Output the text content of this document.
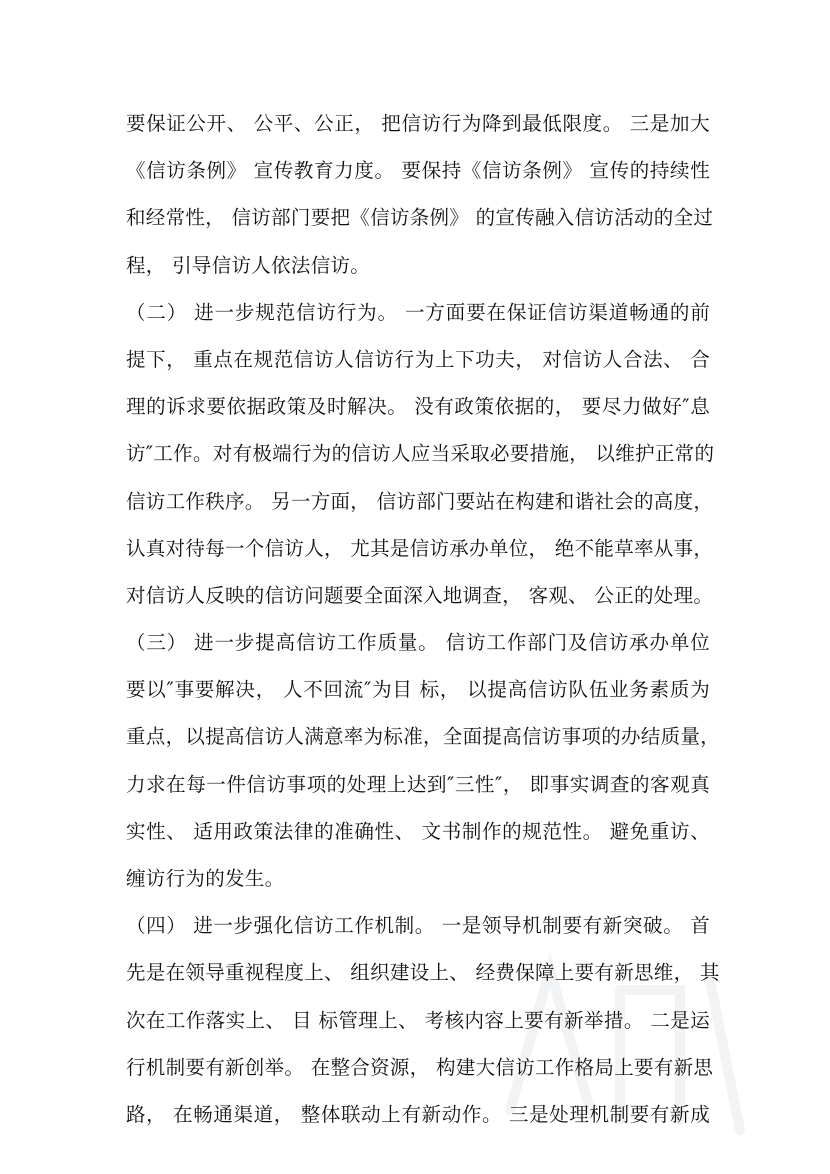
要保证公开、 公平、公正， 把信访行为降到最低限度。 三是加大
《信访条例》 宣传教育力度。 要保持《信访条例》 宣传的持续性
和经常性， 信访部门要把《信访条例》 的宣传融入信访活动的全过
程， 引导信访人依法信访。
（二） 进一步规范信访行为。 一方面要在保证信访渠道畅通的前
提下， 重点在规范信访人信访行为上下功夫， 对信访人合法、 合
理的诉求要依据政策及时解决。 没有政策依据的， 要尽力做好″息
访″工作。对有极端行为的信访人应当采取必要措施， 以维护正常的
信访工作秩序。 另一方面， 信访部门要站在构建和谐社会的高度，
认真对待每一个信访人， 尤其是信访承办单位， 绝不能草率从事，
对信访人反映的信访问题要全面深入地调查， 客观、 公正的处理。
（三） 进一步提高信访工作质量。 信访工作部门及信访承办单位
要以″事要解决， 人不回流″为目 标， 以提高信访队伍业务素质为
重点，以提高信访人满意率为标准，全面提高信访事项的办结质量，
力求在每一件信访事项的处理上达到″三性″， 即事实调查的客观真
实性、 适用政策法律的准确性、 文书制作的规范性。 避免重访、
缠访行为的发生。
（四） 进一步强化信访工作机制。 一是领导机制要有新突破。 首
先是在领导重视程度上、 组织建设上、 经费保障上要有新思维， 其
次在工作落实上、 目 标管理上、 考核内容上要有新举措。 二是运
行机制要有新创举。 在整合资源， 构建大信访工作格局上要有新思
路， 在畅通渠道， 整体联动上有新动作。 三是处理机制要有新成
